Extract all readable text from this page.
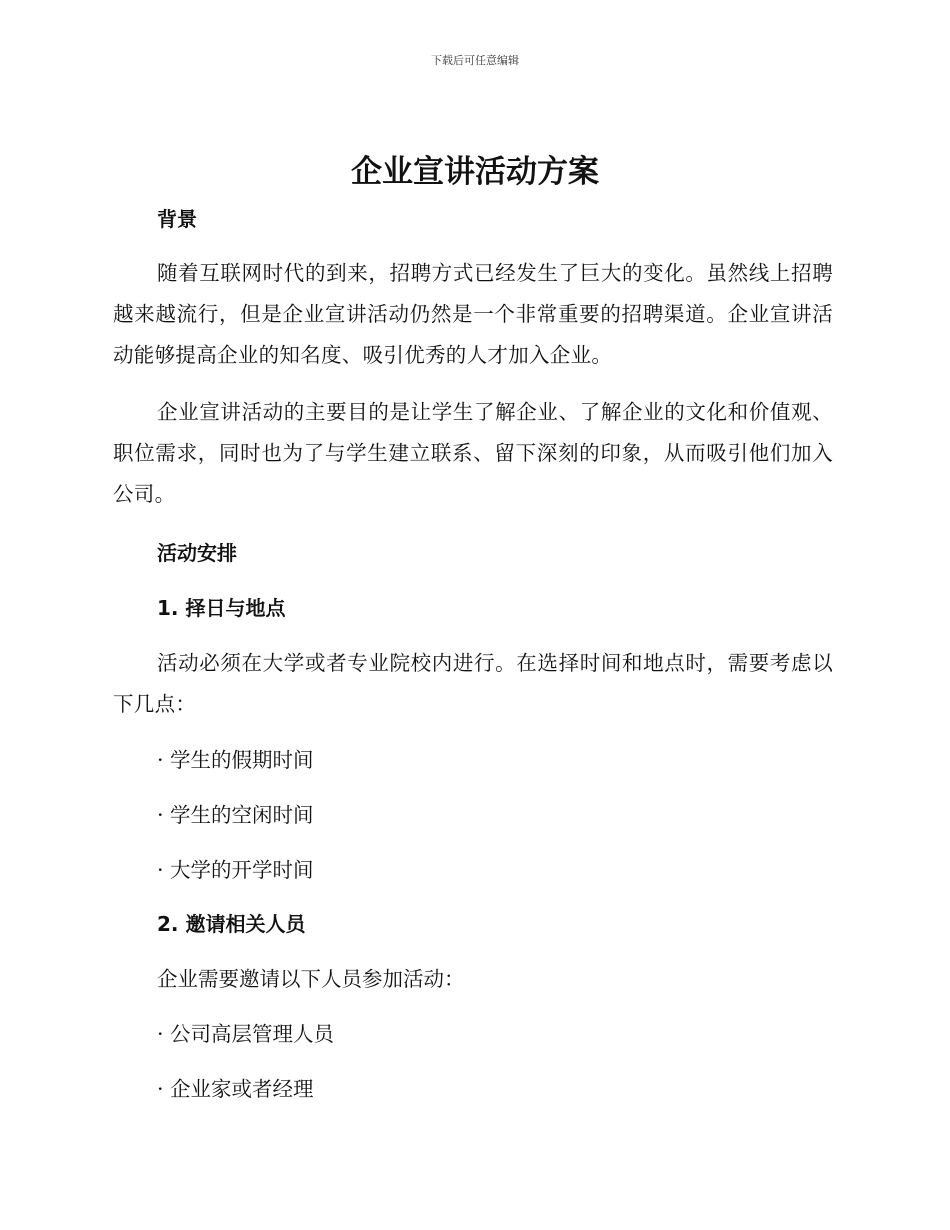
下载后可任意编辑
企业宣讲活动方案
背景

随着互联网时代的到来，招聘方式已经发生了巨大的变化。虽然线上招聘越来越流行，但是企业宣讲活动仍然是一个非常重要的招聘渠道。企业宣讲活动能够提高企业的知名度、吸引优秀的人才加入企业。

企业宣讲活动的主要目的是让学生了解企业、了解企业的文化和价值观、职位需求，同时也为了与学生建立联系、留下深刻的印象，从而吸引他们加入公司。

活动安排
1. 择日与地点

活动必须在大学或者专业院校内进行。在选择时间和地点时，需要考虑以下几点：

· 学生的假期时间
· 学生的空闲时间
· 大学的开学时间
2. 邀请相关人员
企业需要邀请以下人员参加活动：
· 公司高层管理人员
· 企业家或者经理
